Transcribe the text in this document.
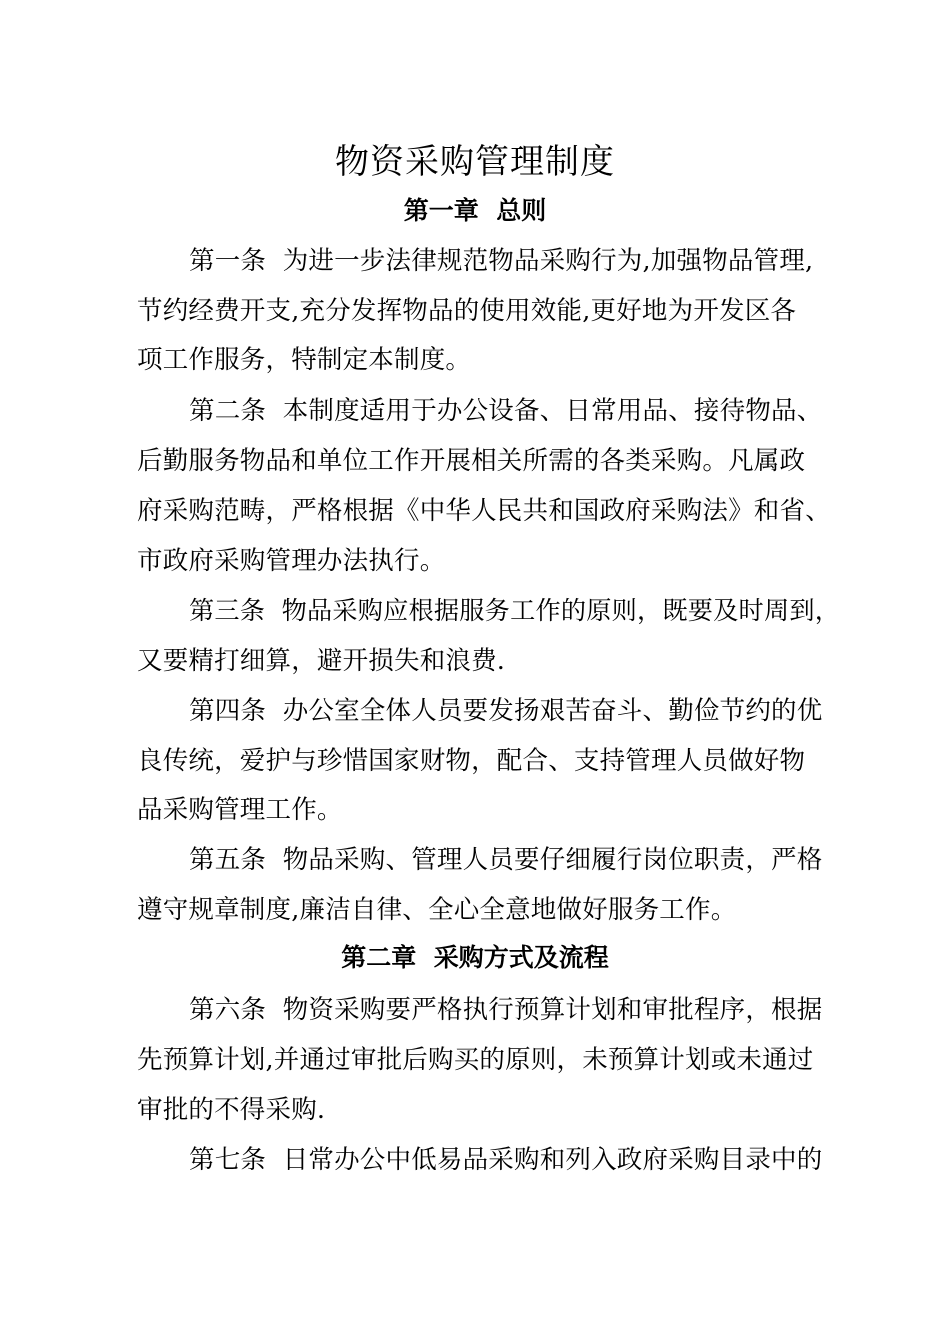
物资采购管理制度
第一章  总则
第一条  为进一步法律规范物品采购行为,加强物品管理,
节约经费开支,充分发挥物品的使用效能,更好地为开发区各
项工作服务，特制定本制度。
第二条  本制度适用于办公设备、日常用品、接待物品、
后勤服务物品和单位工作开展相关所需的各类采购。凡属政
府采购范畴，严格根据《中华人民共和国政府采购法》和省、
市政府采购管理办法执行。
第三条  物品采购应根据服务工作的原则，既要及时周到，
又要精打细算，避开损失和浪费.
第四条  办公室全体人员要发扬艰苦奋斗、勤俭节约的优
良传统，爱护与珍惜国家财物，配合、支持管理人员做好物
品采购管理工作。
第五条  物品采购、管理人员要仔细履行岗位职责，严格
遵守规章制度,廉洁自律、全心全意地做好服务工作。
第二章  采购方式及流程
第六条  物资采购要严格执行预算计划和审批程序，根据
先预算计划,并通过审批后购买的原则，未预算计划或未通过
审批的不得采购.
第七条  日常办公中低易品采购和列入政府采购目录中的
